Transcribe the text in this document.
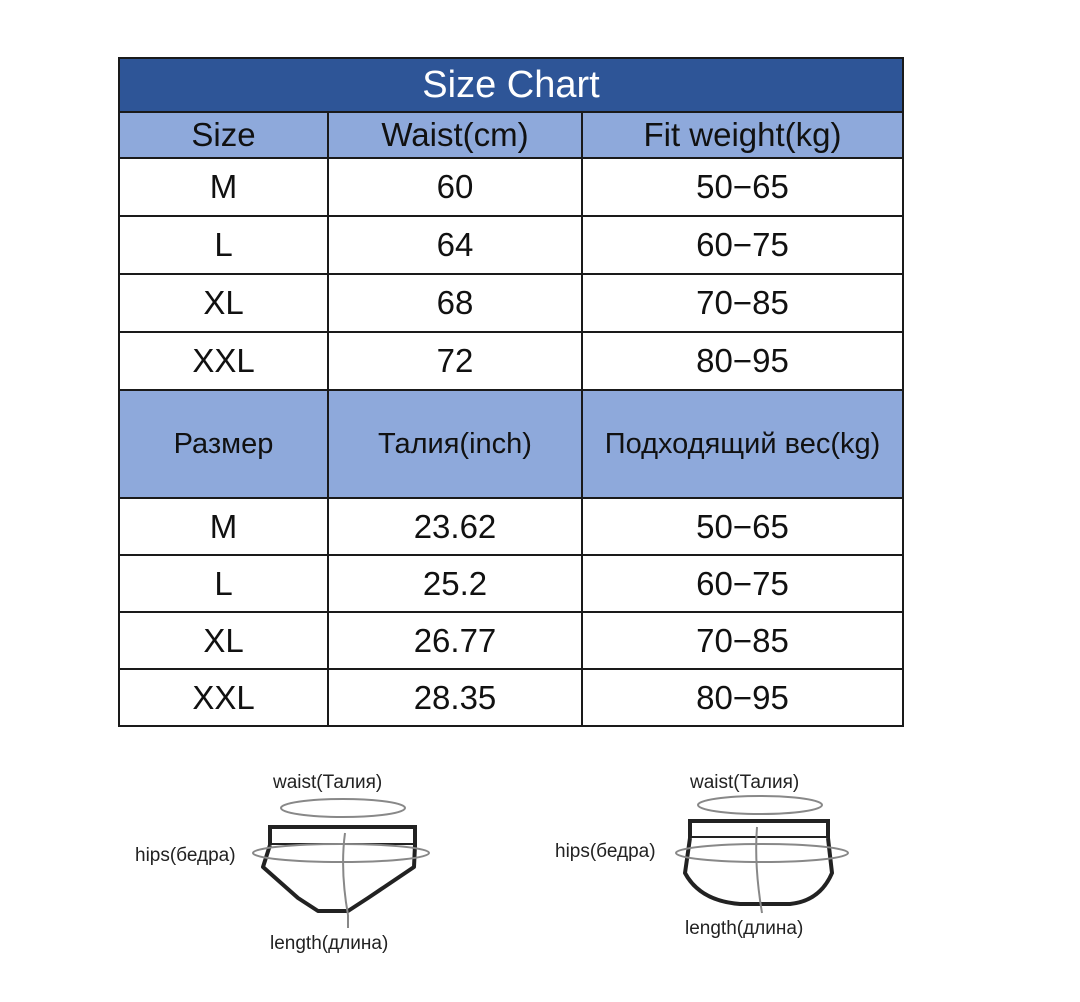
Size Chart		
Size	Waist(cm)	Fit weight(kg)
M	60	50−65
L	64	60−75
XL	68	70−85
XXL	72	80−95
Размер	Талия(inch)	Подходящий вес(kg)
M	23.62	50−65
L	25.2	60−75
XL	26.77	70−85
XXL	28.35	80−95
waist(Талия)
hips(бедра)
length(длина)
waist(Талия)
hips(бедра)
length(длина)
